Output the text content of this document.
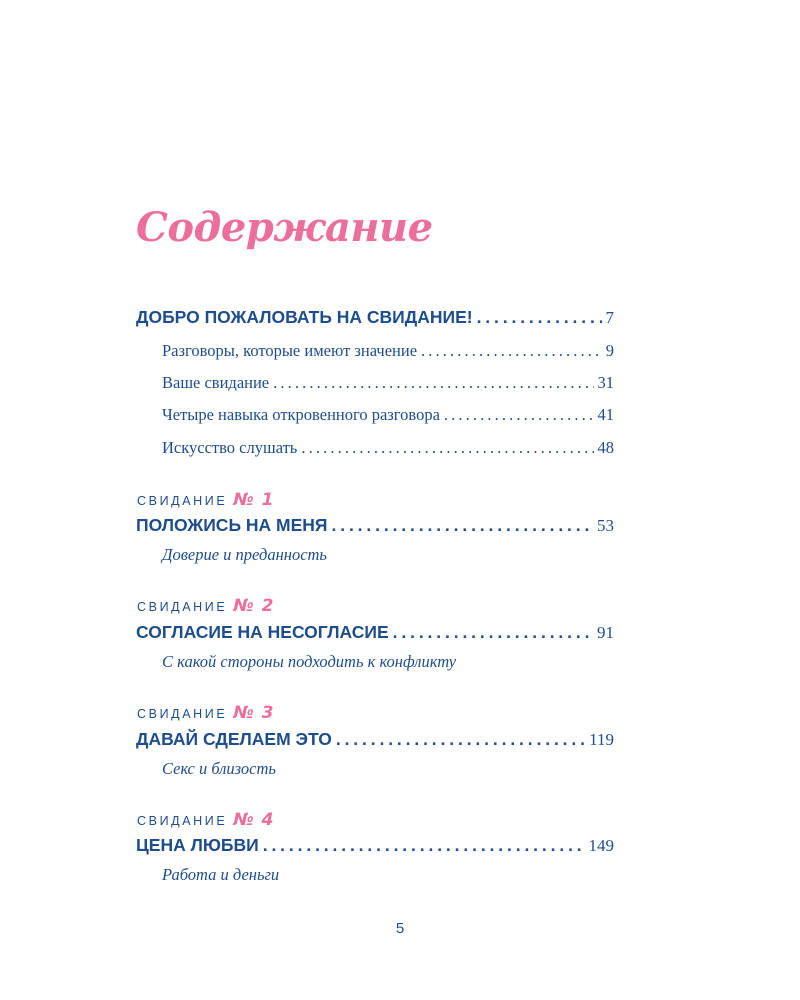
Содержание
ДОБРО ПОЖАЛОВАТЬ НА СВИДАНИЕ! . . .	7
Разговоры, которые имеют значение . . .	9
Ваше свидание . . .	31
Четыре навыка откровенного разговора . . .	41
Искусство слушать . . .	48
СВИДАНИЕ № 1
ПОЛОЖИСЬ НА МЕНЯ . . .	53
Доверие и преданность
СВИДАНИЕ № 2
СОГЛАСИЕ НА НЕСОГЛАСИЕ . . .	91
С какой стороны подходить к конфликту
СВИДАНИЕ № 3
ДАВАЙ СДЕЛАЕМ ЭТО . . .	119
Секс и близость
СВИДАНИЕ № 4
ЦЕНА ЛЮБВИ . . .	149
Работа и деньги
5
